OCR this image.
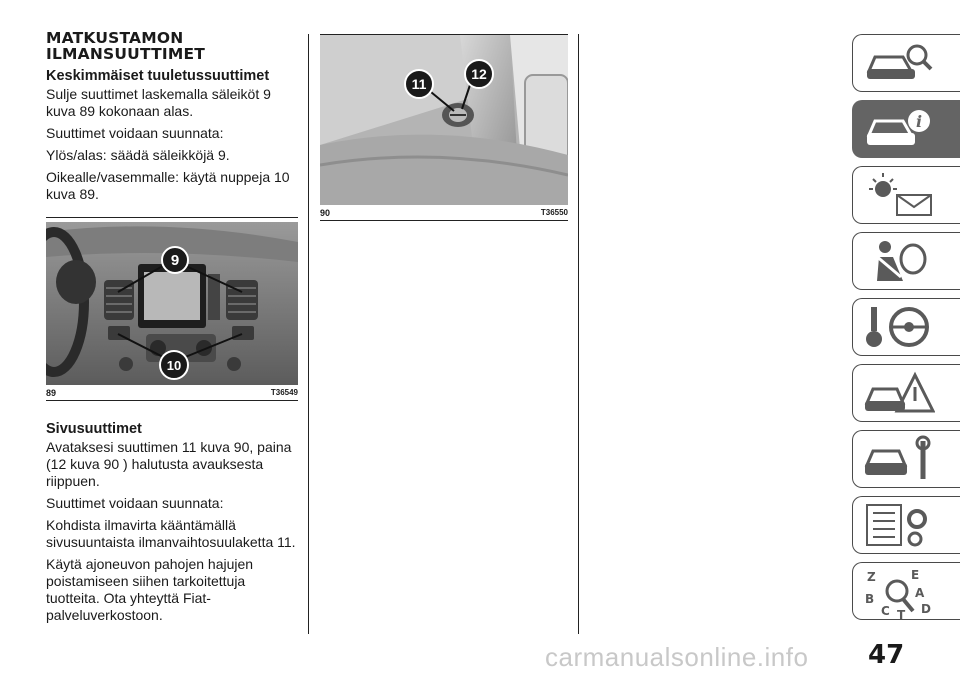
MATKUSTAMON
ILMANSUUTTIMET
Keskimmäiset tuuletussuuttimet

Sulje suuttimet laskemalla säleiköt 9 kuva 89 kokonaan alas.

Suuttimet voidaan suunnata:

Ylös/alas: säädä säleikköjä 9.

Oikealle/vasemmalle: käytä nuppeja 10 kuva 89.

9
10
89	T36549
Sivusuuttimet

Avataksesi suuttimen 11 kuva 90, paina (12 kuva 90 ) halutusta avauksesta riippuen.

Suuttimet voidaan suunnata:

Kohdista ilmavirta kääntämällä sivusuuntaista ilmanvaihtosuulaketta 11.

Käytä ajoneuvon pahojen hajujen poistamiseen siihen tarkoitettuja tuotteita. Ota yhteyttä Fiat-palveluverkostoon.

11
12
90	T36550
i
Z	E
B	A
C T D
47
carmanualsonline.info
